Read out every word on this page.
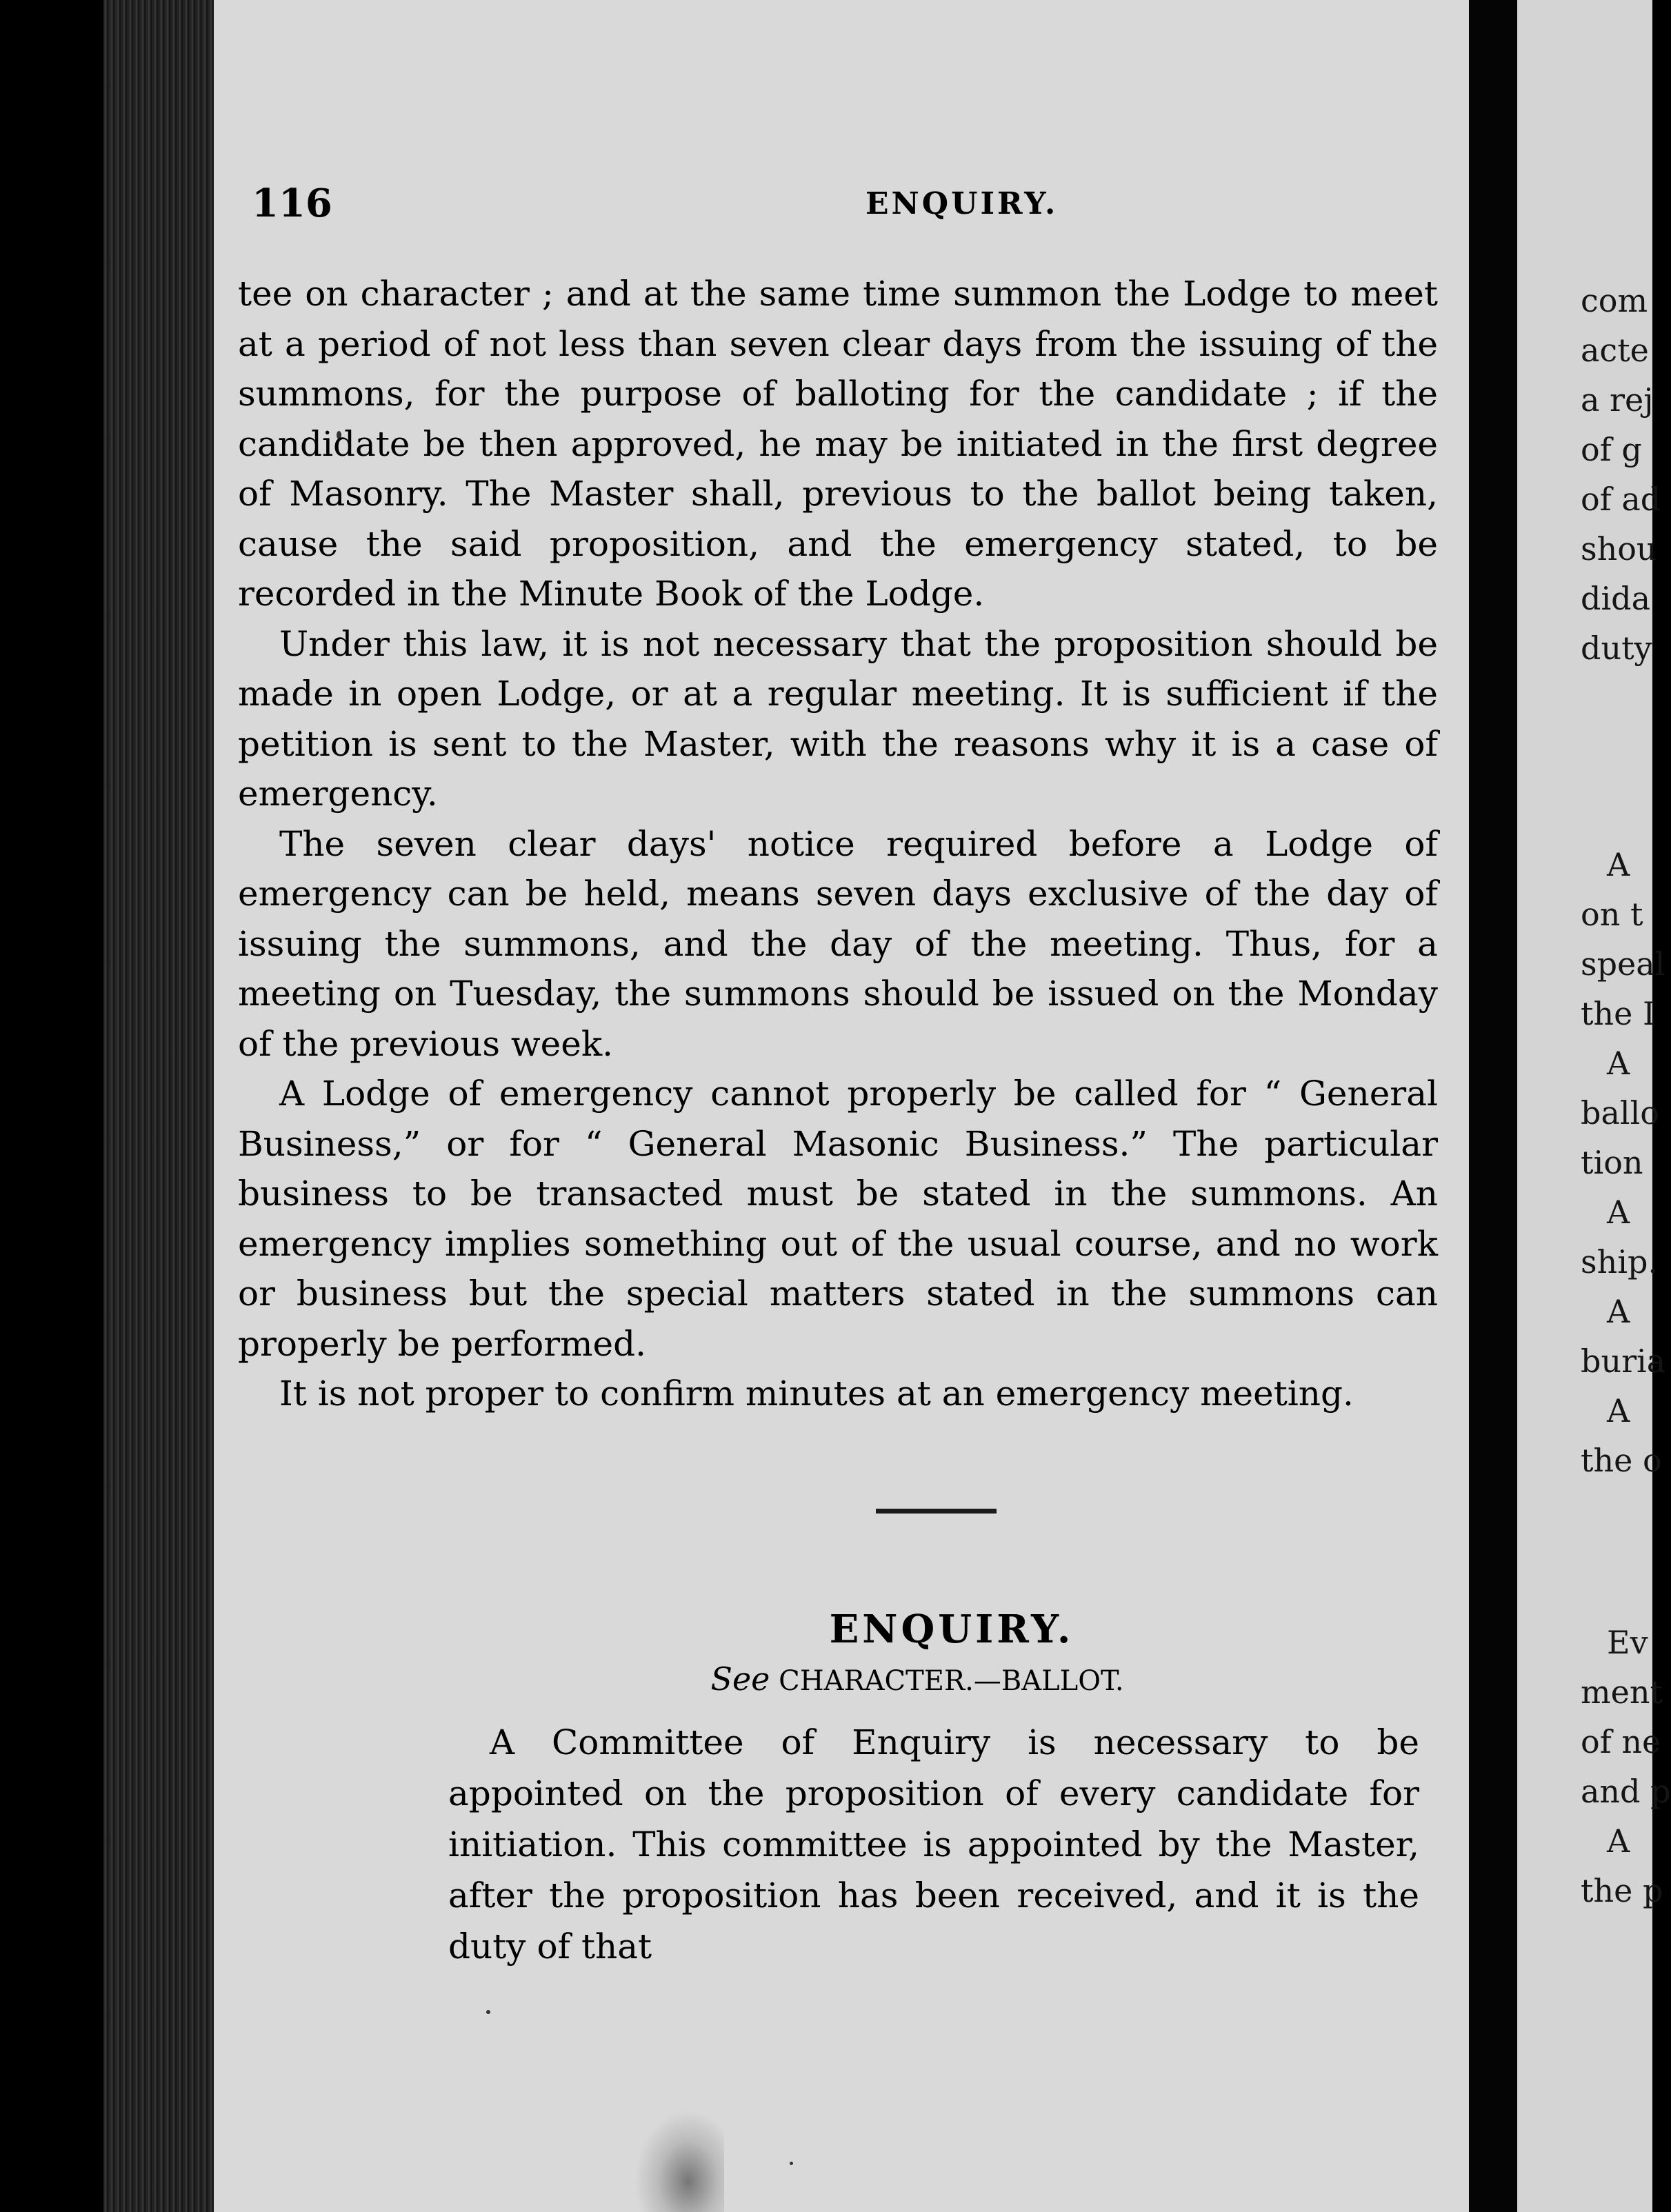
116	ENQUIRY.

tee on character ; and at the same time summon the Lodge to meet at a period of not less than seven clear days from the issuing of the summons, for the purpose of balloting for the candidate ; if the candidate be then approved, he may be initiated in the first degree of Masonry. The Master shall, previous to the ballot being taken, cause the said proposition, and the emergency stated, to be recorded in the Minute Book of the Lodge.

Under this law, it is not necessary that the proposition should be made in open Lodge, or at a regular meeting. It is sufficient if the petition is sent to the Master, with the reasons why it is a case of emergency.

The seven clear days' notice required before a Lodge of emergency can be held, means seven days exclusive of the day of issuing the summons, and the day of the meeting. Thus, for a meeting on Tuesday, the summons should be issued on the Monday of the previous week.

A Lodge of emergency cannot properly be called for “ General Business,” or for “ General Masonic Business.” The particular business to be transacted must be stated in the summons. An emergency implies something out of the usual course, and no work or business but the special matters stated in the summons can properly be performed.

It is not proper to confirm minutes at an emergency meeting.

ENQUIRY.
See CHARACTER.—BALLOT.

A Committee of Enquiry is necessary to be appointed on the proposition of every candidate for initiation. This committee is appointed by the Master, after the proposition has been received, and it is the duty of that

com
acte
a rej
of g
of ad
shou
dida
duty
A
on t
speal
the I
A
ballo
tion
A
ship.
A
buria
A
the o
Ev
ment
of ne
and p
A
the p
